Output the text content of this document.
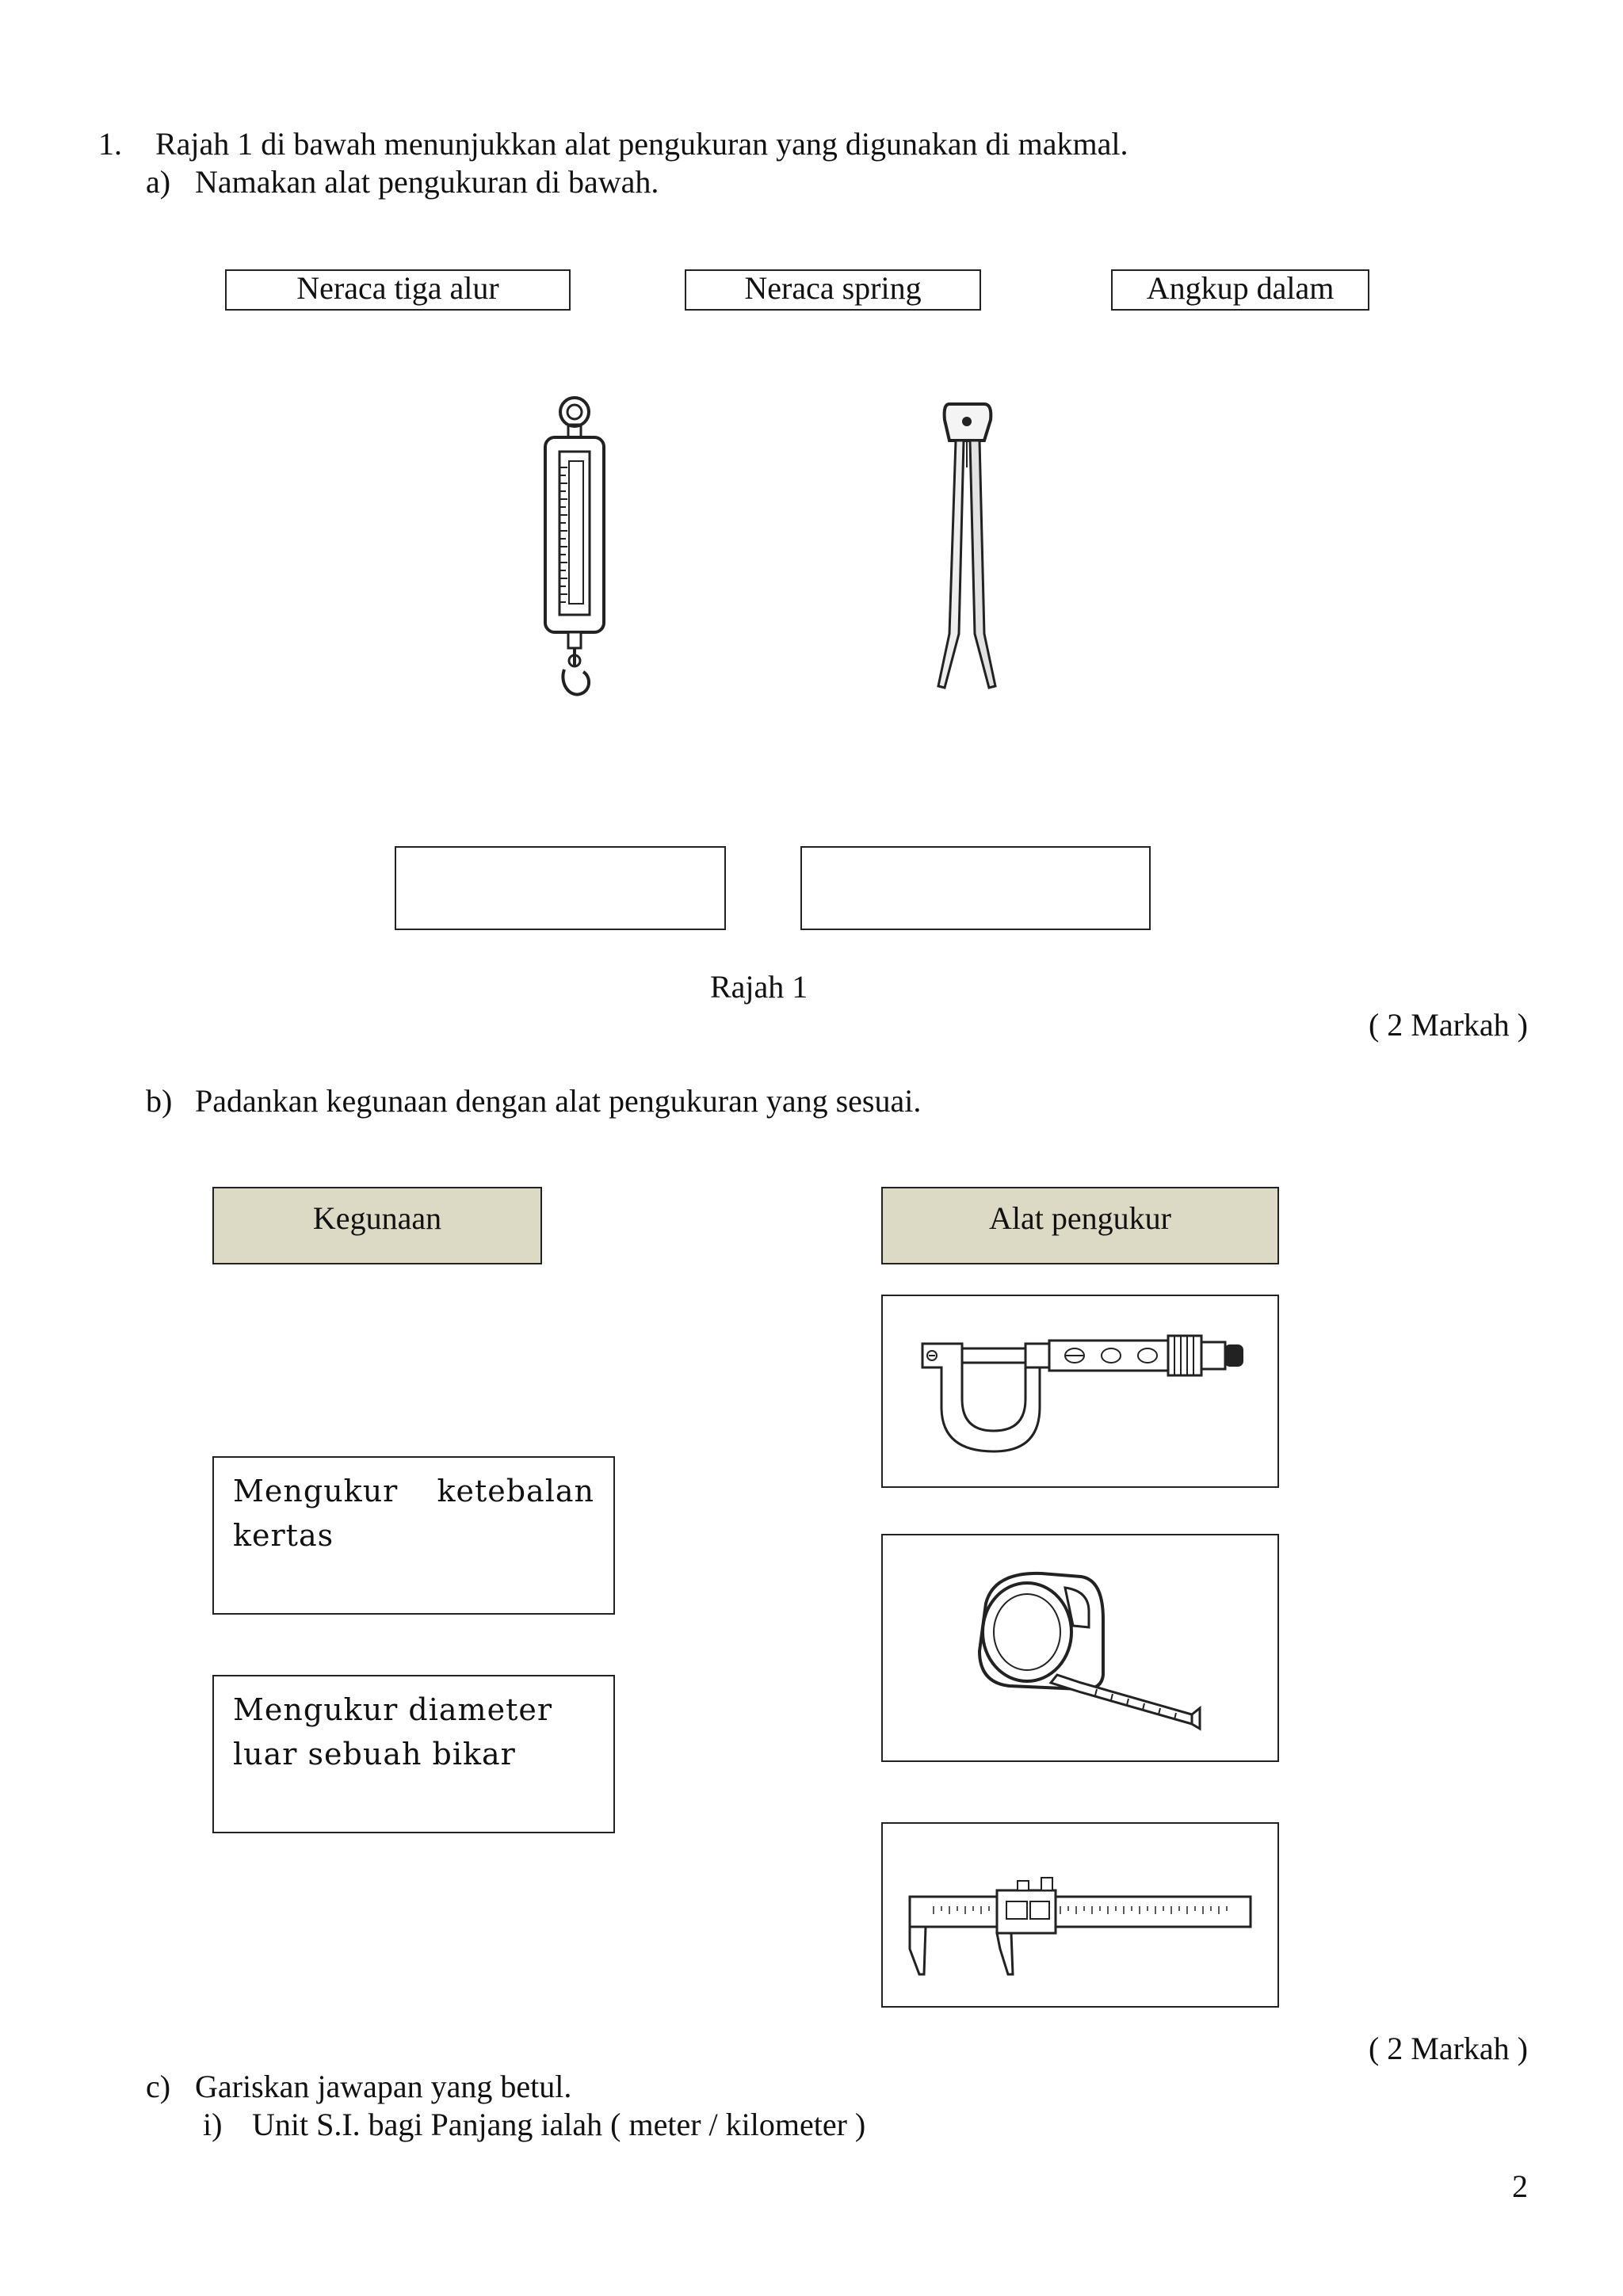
1. Rajah 1 di bawah menunjukkan alat pengukuran yang digunakan di makmal.
a) Namakan alat pengukuran di bawah.
Neraca tiga alur	Neraca spring	Angkup dalam
Rajah 1
( 2 Markah )
b) Padankan kegunaan dengan alat pengukuran yang sesuai.
Kegunaan	Alat pengukur
Mengukur ketebalan kertas
Mengukur diameter luar sebuah bikar
( 2 Markah )
c) Gariskan jawapan yang betul.
i) Unit S.I. bagi Panjang ialah ( meter / kilometer )
2
